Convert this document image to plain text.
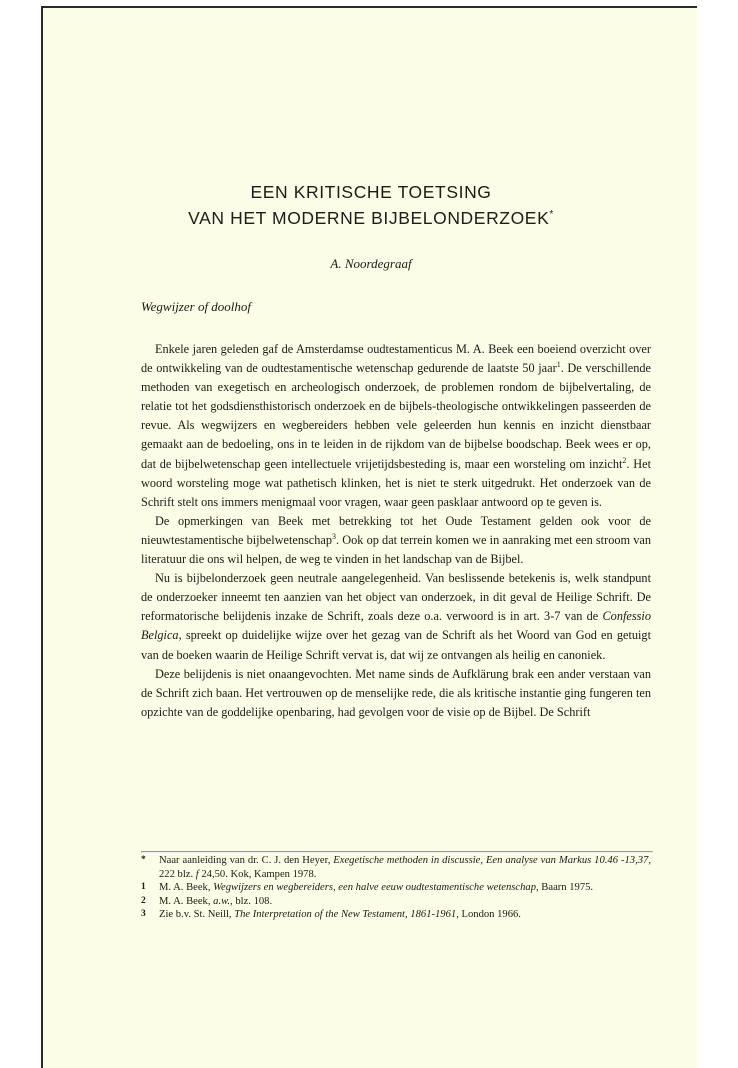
EEN KRITISCHE TOETSING
VAN HET MODERNE BIJBELONDERZOEK*

A. Noordegraaf

Wegwijzer of doolhof

Enkele jaren geleden gaf de Amsterdamse oudtestamenticus M. A. Beek een boeiend overzicht over de ontwikkeling van de oudtestamentische wetenschap gedurende de laatste 50 jaar$^1$. De verschillende methoden van exegetisch en archeologisch onderzoek, de problemen rondom de bijbelvertaling, de relatie tot het godsdiensthistorisch onderzoek en de bijbels-theologische ontwikkelingen passeerden de revue. Als wegwijzers en wegbereiders hebben vele geleerden hun kennis en inzicht dienstbaar gemaakt aan de bedoeling, ons in te leiden in de rijkdom van de bijbelse boodschap. Beek wees er op, dat de bijbelwetenschap geen intellectuele vrijetijdsbesteding is, maar een worsteling om inzicht$^2$. Het woord worsteling moge wat pathetisch klinken, het is niet te sterk uitgedrukt. Het onderzoek van de Schrift stelt ons immers menigmaal voor vragen, waar geen pasklaar antwoord op te geven is.

De opmerkingen van Beek met betrekking tot het Oude Testament gelden ook voor de nieuwtestamentische bijbelwetenschap$^3$. Ook op dat terrein komen we in aanraking met een stroom van literatuur die ons wil helpen, de weg te vinden in het landschap van de Bijbel.

Nu is bijbelonderzoek geen neutrale aangelegenheid. Van beslissende betekenis is, welk standpunt de onderzoeker inneemt ten aanzien van het object van onderzoek, in dit geval de Heilige Schrift. De reformatorische belijdenis inzake de Schrift, zoals deze o.a. verwoord is in art. 3-7 van de Confessio Belgica, spreekt op duidelijke wijze over het gezag van de Schrift als het Woord van God en getuigt van de boeken waarin de Heilige Schrift vervat is, dat wij ze ontvangen als heilig en canoniek.

Deze belijdenis is niet onaangevochten. Met name sinds de Aufklärung brak een ander verstaan van de Schrift zich baan. Het vertrouwen op de menselijke rede, die als kritische instantie ging fungeren ten opzichte van de goddelijke openbaring, had gevolgen voor de visie op de Bijbel. De Schrift

* Naar aanleiding van dr. C. J. den Heyer, Exegetische methoden in discussie, Een analyse van Markus 10.46 -13,37, 222 blz. f 24,50. Kok, Kampen 1978.
1 M. A. Beek, Wegwijzers en wegbereiders, een halve eeuw oudtestamentische wetenschap, Baarn 1975.
2 M. A. Beek, a.w., blz. 108.
3 Zie b.v. St. Neill, The Interpretation of the New Testament, 1861-1961, London 1966.
